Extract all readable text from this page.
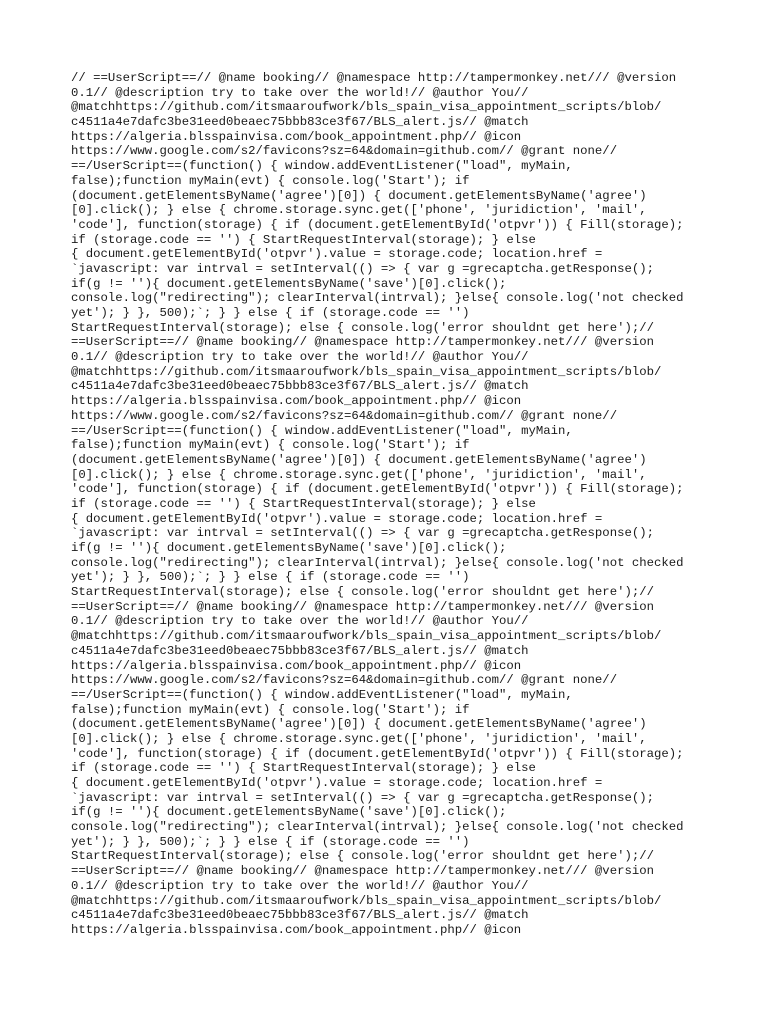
// ==UserScript==// @name booking// @namespace http://tampermonkey.net/// @version
0.1// @description try to take over the world!// @author You//
@matchhttps://github.com/itsmaaroufwork/bls_spain_visa_appointment_scripts/blob/
c4511a4e7dafc3be31eed0beaec75bbb83ce3f67/BLS_alert.js// @match
https://algeria.blsspainvisa.com/book_appointment.php// @icon
https://www.google.com/s2/favicons?sz=64&domain=github.com// @grant none//
==/UserScript==(function() { window.addEventListener("load", myMain,
false);function myMain(evt) { console.log('Start'); if
(document.getElementsByName('agree')[0]) { document.getElementsByName('agree')
[0].click(); } else { chrome.storage.sync.get(['phone', 'juridiction', 'mail',
'code'], function(storage) { if (document.getElementById('otpvr')) { Fill(storage);
if (storage.code == '') { StartRequestInterval(storage); } else
{ document.getElementById('otpvr').value = storage.code; location.href =
`javascript: var intrval = setInterval(() => { var g =grecaptcha.getResponse();
if(g != ''){ document.getElementsByName('save')[0].click();
console.log("redirecting"); clearInterval(intrval); }else{ console.log('not checked
yet'); } }, 500);`; } } else { if (storage.code == '')
StartRequestInterval(storage); else { console.log('error shouldnt get here');//
==UserScript==// @name booking// @namespace http://tampermonkey.net/// @version
0.1// @description try to take over the world!// @author You//
@matchhttps://github.com/itsmaaroufwork/bls_spain_visa_appointment_scripts/blob/
c4511a4e7dafc3be31eed0beaec75bbb83ce3f67/BLS_alert.js// @match
https://algeria.blsspainvisa.com/book_appointment.php// @icon
https://www.google.com/s2/favicons?sz=64&domain=github.com// @grant none//
==/UserScript==(function() { window.addEventListener("load", myMain,
false);function myMain(evt) { console.log('Start'); if
(document.getElementsByName('agree')[0]) { document.getElementsByName('agree')
[0].click(); } else { chrome.storage.sync.get(['phone', 'juridiction', 'mail',
'code'], function(storage) { if (document.getElementById('otpvr')) { Fill(storage);
if (storage.code == '') { StartRequestInterval(storage); } else
{ document.getElementById('otpvr').value = storage.code; location.href =
`javascript: var intrval = setInterval(() => { var g =grecaptcha.getResponse();
if(g != ''){ document.getElementsByName('save')[0].click();
console.log("redirecting"); clearInterval(intrval); }else{ console.log('not checked
yet'); } }, 500);`; } } else { if (storage.code == '')
StartRequestInterval(storage); else { console.log('error shouldnt get here');//
==UserScript==// @name booking// @namespace http://tampermonkey.net/// @version
0.1// @description try to take over the world!// @author You//
@matchhttps://github.com/itsmaaroufwork/bls_spain_visa_appointment_scripts/blob/
c4511a4e7dafc3be31eed0beaec75bbb83ce3f67/BLS_alert.js// @match
https://algeria.blsspainvisa.com/book_appointment.php// @icon
https://www.google.com/s2/favicons?sz=64&domain=github.com// @grant none//
==/UserScript==(function() { window.addEventListener("load", myMain,
false);function myMain(evt) { console.log('Start'); if
(document.getElementsByName('agree')[0]) { document.getElementsByName('agree')
[0].click(); } else { chrome.storage.sync.get(['phone', 'juridiction', 'mail',
'code'], function(storage) { if (document.getElementById('otpvr')) { Fill(storage);
if (storage.code == '') { StartRequestInterval(storage); } else
{ document.getElementById('otpvr').value = storage.code; location.href =
`javascript: var intrval = setInterval(() => { var g =grecaptcha.getResponse();
if(g != ''){ document.getElementsByName('save')[0].click();
console.log("redirecting"); clearInterval(intrval); }else{ console.log('not checked
yet'); } }, 500);`; } } else { if (storage.code == '')
StartRequestInterval(storage); else { console.log('error shouldnt get here');//
==UserScript==// @name booking// @namespace http://tampermonkey.net/// @version
0.1// @description try to take over the world!// @author You//
@matchhttps://github.com/itsmaaroufwork/bls_spain_visa_appointment_scripts/blob/
c4511a4e7dafc3be31eed0beaec75bbb83ce3f67/BLS_alert.js// @match
https://algeria.blsspainvisa.com/book_appointment.php// @icon
